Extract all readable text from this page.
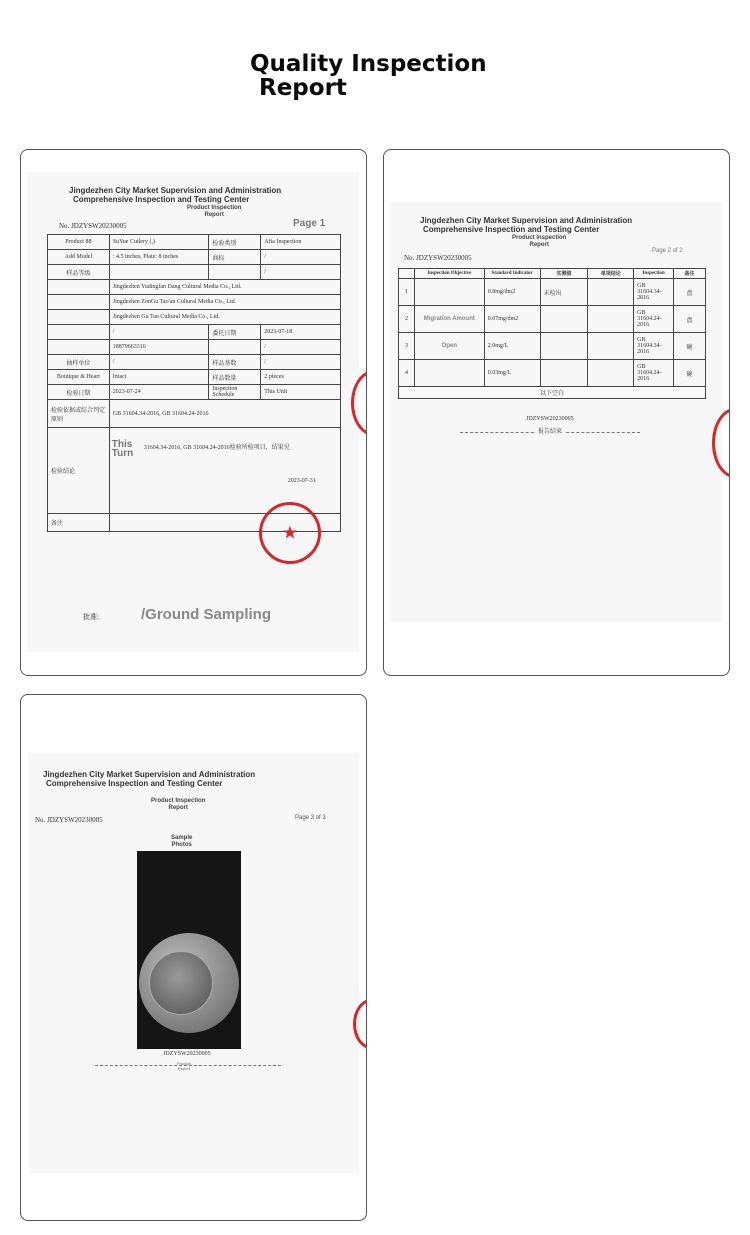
Quality Inspection
Report
Jingdezhen City Market Supervision and Administration
Comprehensive Inspection and Testing Center
Product Inspection
Report
No. JDZYSW20230005	Page 1
Product 88	SuYue Cutlery (,)	检验类别	Afia Inspection
Add Model	: 4.5 inches, Plate: 8 inches	商标	/
样品等级			/
	Jingdezhen Yudingfan Dang Cultural Media Co., Ltd.		
	Jingdezhen ZonGu Tao'an Cultural Media Co., Ltd.		
	Jingdezhen Gu Tao Cultural Media Co., Ltd.		
	/	委托日期	2023-07-18
	18879663316		/
抽样单位	/	样品基数	/
Boutique & Heart	Intact	样品数量	2 pieces
检验日期	2023-07-24	Inspection Schedule	This Unit
检验依据或综合判定原则	GB 31604.34-2016, GB 31604.24-2016		
检验结论	This Turn 31604.34-2016, GB 31604.24-2016检验所检项目，结果见
2023-07-31		

备注				★
批准:	/Ground Sampling
Jingdezhen City Market Supervision and Administration
Comprehensive Inspection and Testing Center
Product Inspection
Report
No. JDZYSW20230005
Page 2 of 2
	Inspection Objective	Standard Indicator	实测值	单项结论	Inspection	备注
1		0.8mg/dm2	未检出		GB 31604.34-2016	盘
2	Migration Amount	0.07mg/dm2			GB 31604.24-2016	盘
3	Open	2.0mg/L			GB 31604.34-2016	碗
4		0.03mg/L			GB 31604.24-2016	碗
以下空白						
JDZYSW20230005
报告结束
Jingdezhen City Market Supervision and Administration
Comprehensive Inspection and Testing Center
Product Inspection
Report
No. JDZYSW20230005	Page 3 of 3
Sample
Photos
JDZYSW20230005
Product
Report
